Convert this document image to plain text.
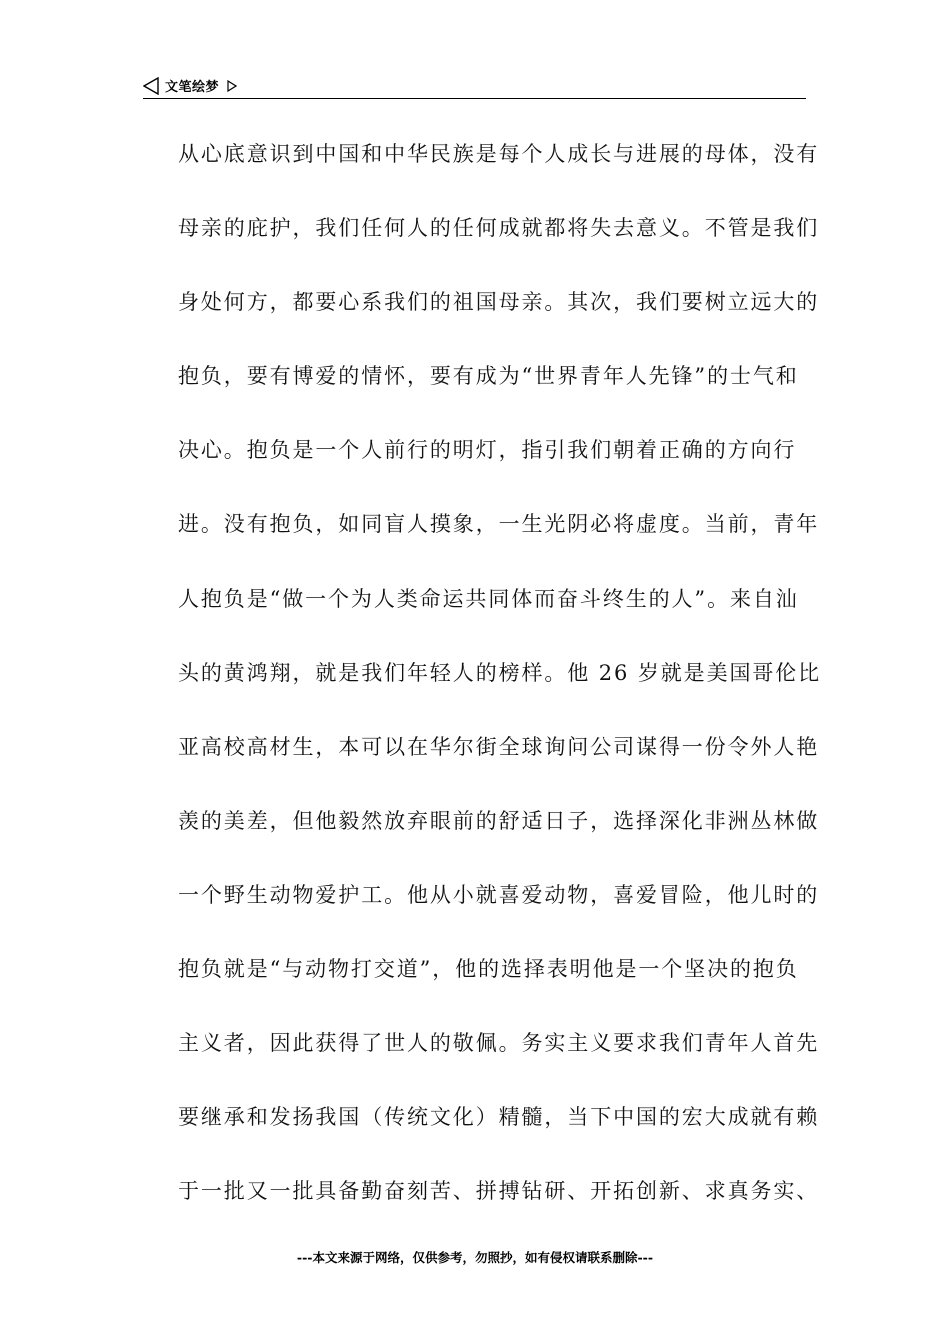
文笔绘梦
从心底意识到中国和中华民族是每个人成长与进展的母体，没有
母亲的庇护，我们任何人的任何成就都将失去意义。不管是我们
身处何方，都要心系我们的祖国母亲。其次，我们要树立远大的
抱负，要有博爱的情怀，要有成为“世界青年人先锋”的士气和
决心。抱负是一个人前行的明灯，指引我们朝着正确的方向行
进。没有抱负，如同盲人摸象，一生光阴必将虚度。当前，青年
人抱负是“做一个为人类命运共同体而奋斗终生的人”。来自汕
头的黄鸿翔，就是我们年轻人的榜样。他 26 岁就是美国哥伦比
亚高校高材生，本可以在华尔街全球询问公司谋得一份令外人艳
羡的美差，但他毅然放弃眼前的舒适日子，选择深化非洲丛林做
一个野生动物爱护工。他从小就喜爱动物，喜爱冒险，他儿时的
抱负就是“与动物打交道”，他的选择表明他是一个坚决的抱负
主义者，因此获得了世人的敬佩。务实主义要求我们青年人首先
要继承和发扬我国（传统文化）精髓，当下中国的宏大成就有赖
于一批又一批具备勤奋刻苦、拼搏钻研、开拓创新、求真务实、
---本文来源于网络，仅供参考，勿照抄，如有侵权请联系删除---
